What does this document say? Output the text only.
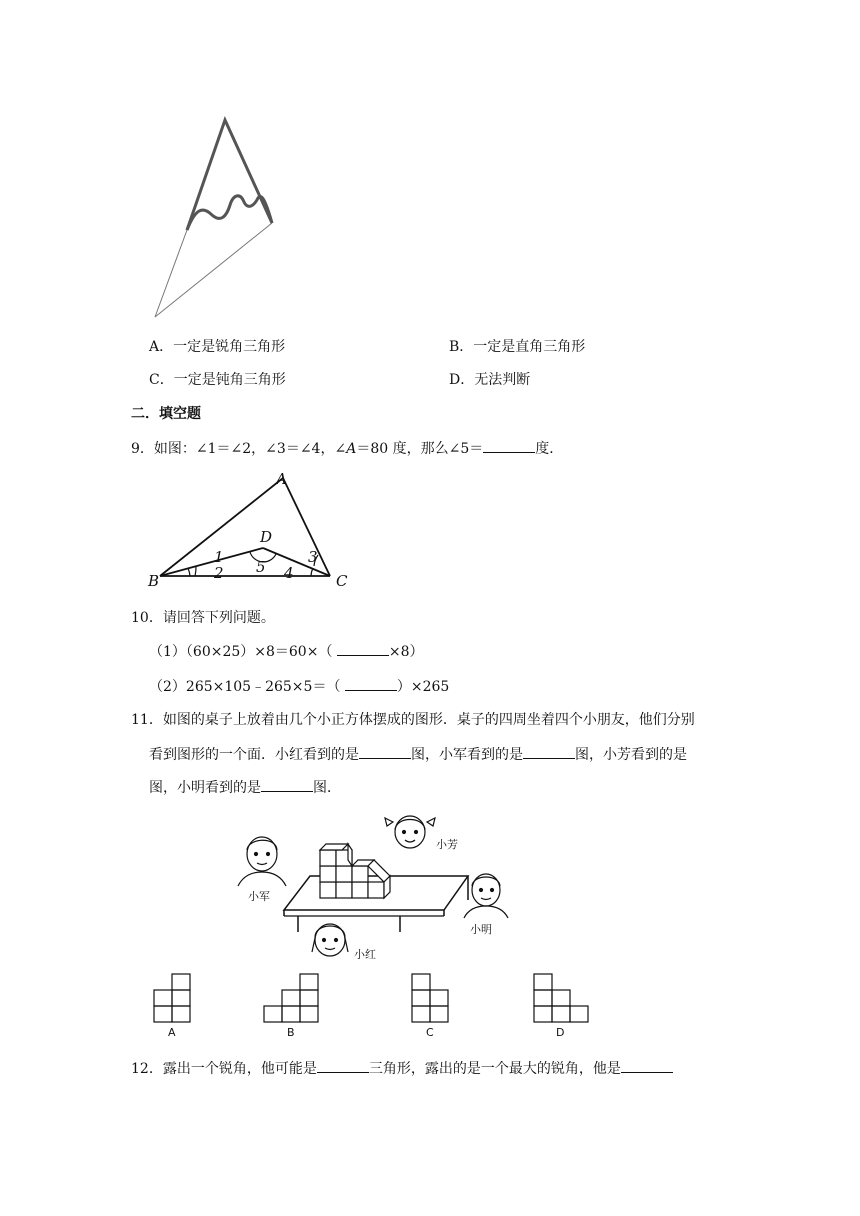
A．一定是锐角三角形	B．一定是直角三角形
C．一定是钝角三角形	D．无法判断
二．填空题
9．如图：∠1＝∠2，∠3＝∠4，∠A＝80 度，那么∠5＝	度．
A
B	C
D
1
2
3
4
5
10．请回答下列问题。
（1）（60×25）×8＝60×（	×8）
（2）265×105﹣265×5＝（	）×265
11．如图的桌子上放着由几个小正方体摆成的图形．桌子的四周坐着四个小朋友，他们分别
看到图形的一个面．小红看到的是	图，小军看到的是	图，小芳看到的是
图，小明看到的是	图．
小军
小芳
小明
小红
A	B	C	D
12．露出一个锐角，他可能是	三角形，露出的是一个最大的锐角，他是
